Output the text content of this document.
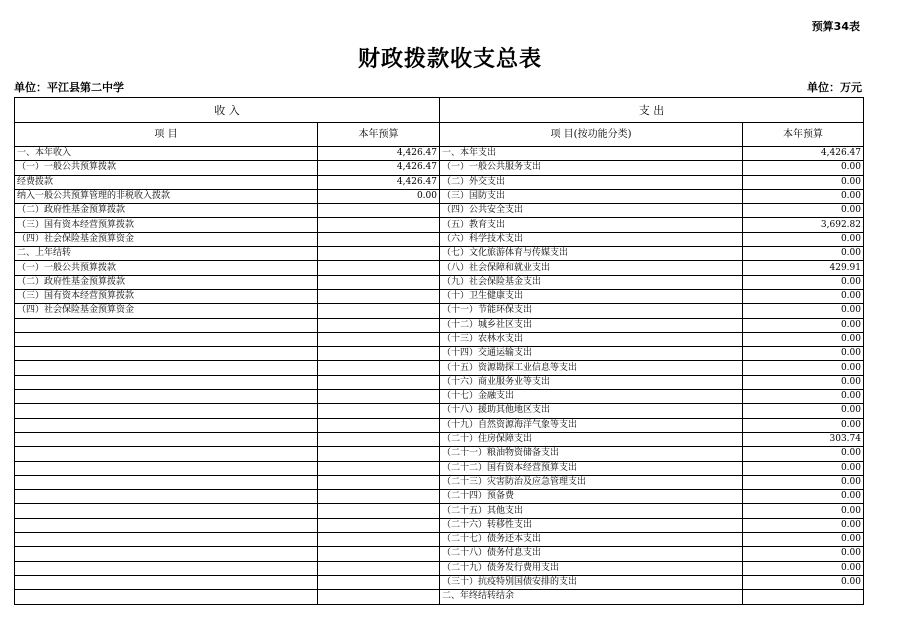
预算34表
财政拨款收支总表
单位：平江县第二中学	单位：万元
收 入		支 出	
项 目	本年预算	项 目(按功能分类)	本年预算
一、本年收入	4,426.47	一、本年支出	4,426.47
（一）一般公共预算拨款	4,426.47	（一）一般公共服务支出	0.00
经费拨款	4,426.47	（二）外交支出	0.00
纳入一般公共预算管理的非税收入拨款	0.00	（三）国防支出	0.00
（二）政府性基金预算拨款		（四）公共安全支出	0.00
（三）国有资本经营预算拨款		（五）教育支出	3,692.82
（四）社会保险基金预算资金		（六）科学技术支出	0.00
二、上年结转		（七）文化旅游体育与传媒支出	0.00
（一）一般公共预算拨款		（八）社会保障和就业支出	429.91
（二）政府性基金预算拨款		（九）社会保险基金支出	0.00
（三）国有资本经营预算拨款		（十）卫生健康支出	0.00
（四）社会保险基金预算资金		（十一）节能环保支出	0.00
		（十二）城乡社区支出	0.00
		（十三）农林水支出	0.00
		（十四）交通运输支出	0.00
		（十五）资源勘探工业信息等支出	0.00
		（十六）商业服务业等支出	0.00
		（十七）金融支出	0.00
		（十八）援助其他地区支出	0.00
		（十九）自然资源海洋气象等支出	0.00
		（二十）住房保障支出	303.74
		（二十一）粮油物资储备支出	0.00
		（二十二）国有资本经营预算支出	0.00
		（二十三）灾害防治及应急管理支出	0.00
		（二十四）预备费	0.00
		（二十五）其他支出	0.00
		（二十六）转移性支出	0.00
		（二十七）债务还本支出	0.00
		（二十八）债务付息支出	0.00
		（二十九）债务发行费用支出	0.00
		（三十）抗疫特别国债安排的支出	0.00
		二、年终结转结余	
